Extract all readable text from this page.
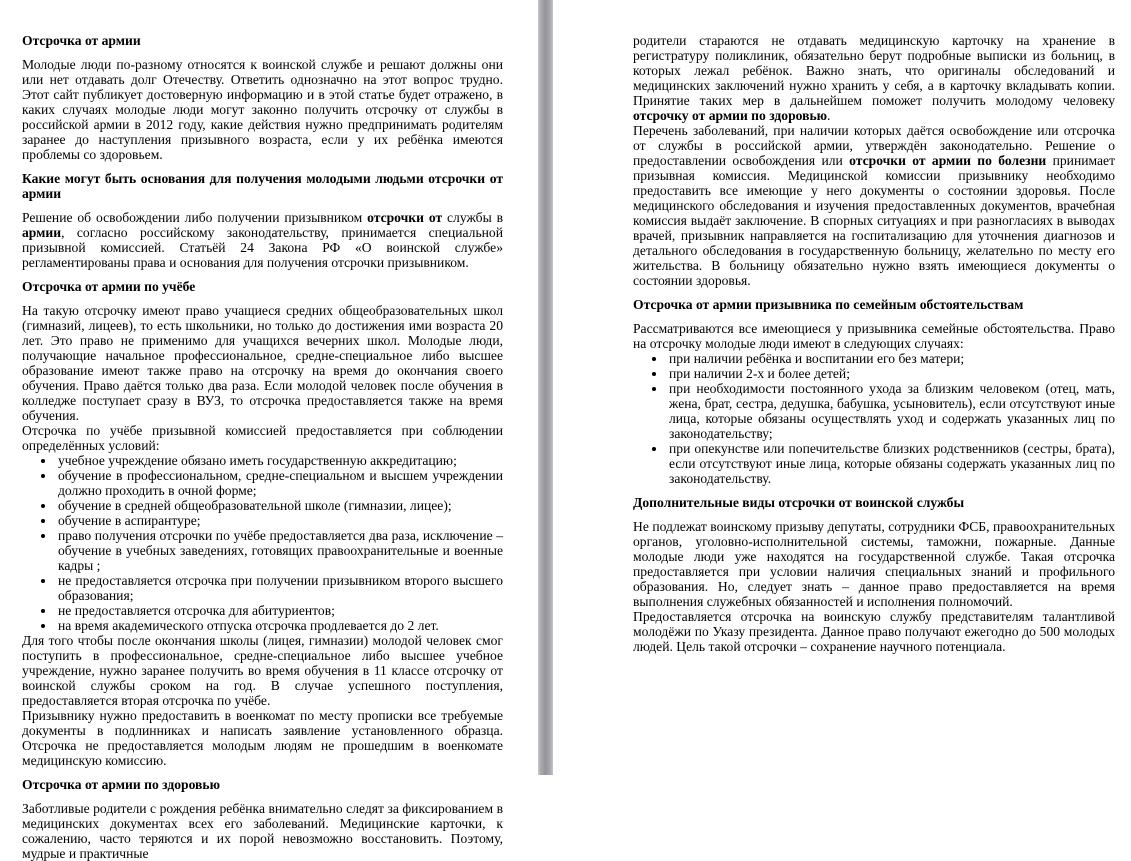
Отсрочка от армии

Молодые люди по-разному относятся к воинской службе и решают должны они или нет отдавать долг Отечеству. Ответить однозначно на этот вопрос трудно. Этот сайт публикует достоверную информацию и в этой статье будет отражено, в каких случаях молодые люди могут законно получить отсрочку от службы в российской армии в 2012 году, какие действия нужно предпринимать родителям заранее до наступления призывного возраста, если у их ребёнка имеются проблемы со здоровьем.

Какие могут быть основания для получения молодыми людьми отсрочки от армии

Решение об освобождении либо получении призывником отсрочки от службы в армии, согласно российскому законодательству, принимается специальной призывной комиссией. Статьёй 24 Закона РФ «О воинской службе» регламентированы права и основания для получения отсрочки призывником.

Отсрочка от армии по учёбе

На такую отсрочку имеют право учащиеся средних общеобразовательных школ (гимназий, лицеев), то есть школьники, но только до достижения ими возраста 20 лет. Это право не применимо для учащихся вечерних школ. Молодые люди, получающие начальное профессиональное, средне-специальное либо высшее образование имеют также право на отсрочку на время до окончания своего обучения. Право даётся только два раза. Если молодой человек после обучения в колледже поступает сразу в ВУЗ, то отсрочка предоставляется также на время обучения.

Отсрочка по учёбе призывной комиссией предоставляется при соблюдении определённых условий:

• учебное учреждение обязано иметь государственную аккредитацию;
• обучение в профессиональном, средне-специальном и высшем учреждении должно проходить в очной форме;
• обучение в средней общеобразовательной школе (гимназии, лицее);
• обучение в аспирантуре;
• право получения отсрочки по учёбе предоставляется два раза, исключение – обучение в учебных заведениях, готовящих правоохранительные и военные кадры ;
• не предоставляется отсрочка при получении призывником второго высшего образования;
• не предоставляется отсрочка для абитуриентов;
• на время академического отпуска отсрочка продлевается до 2 лет.

Для того чтобы после окончания школы (лицея, гимназии) молодой человек смог поступить в профессиональное, средне-специальное либо высшее учебное учреждение, нужно заранее получить во время обучения в 11 классе отсрочку от воинской службы сроком на год. В случае успешного поступления, предоставляется вторая отсрочка по учёбе.

Призывнику нужно предоставить в военкомат по месту прописки все требуемые документы в подлинниках и написать заявление установленного образца. Отсрочка не предоставляется молодым людям не прошедшим в военкомате медицинскую комиссию.

Отсрочка от армии по здоровью

Заботливые родители с рождения ребёнка внимательно следят за фиксированием в медицинских документах всех его заболеваний. Медицинские карточки, к сожалению, часто теряются и их порой невозможно восстановить. Поэтому, мудрые и практичные

родители стараются не отдавать медицинскую карточку на хранение в регистратуру поликлиник, обязательно берут подробные выписки из больниц, в которых лежал ребёнок. Важно знать, что оригиналы обследований и медицинских заключений нужно хранить у себя, а в карточку вкладывать копии. Принятие таких мер в дальнейшем поможет получить молодому человеку отсрочку от армии по здоровью.

Перечень заболеваний, при наличии которых даётся освобождение или отсрочка от службы в российской армии, утверждён законодательно. Решение о предоставлении освобождения или отсрочки от армии по болезни принимает призывная комиссия. Медицинской комиссии призывнику необходимо предоставить все имеющие у него документы о состоянии здоровья. После медицинского обследования и изучения предоставленных документов, врачебная комиссия выдаёт заключение. В спорных ситуациях и при разногласиях в выводах врачей, призывник направляется на госпитализацию для уточнения диагнозов и детального обследования в государственную больницу, желательно по месту его жительства. В больницу обязательно нужно взять имеющиеся документы о состоянии здоровья.

Отсрочка от армии призывника по семейным обстоятельствам

Рассматриваются все имеющиеся у призывника семейные обстоятельства. Право на отсрочку молодые люди имеют в следующих случаях:

• при наличии ребёнка и воспитании его без матери;
• при наличии 2-х и более детей;
• при необходимости постоянного ухода за близким человеком (отец, мать, жена, брат, сестра, дедушка, бабушка, усыновитель), если отсутствуют иные лица, которые обязаны осуществлять уход и содержать указанных лиц по законодательству;
• при опекунстве или попечительстве близких родственников (сестры, брата), если отсутствуют иные лица, которые обязаны содержать указанных лиц по законодательству.
Дополнительные виды отсрочки от воинской службы

Не подлежат воинскому призыву депутаты, сотрудники ФСБ, правоохранительных органов, уголовно-исполнительной системы, таможни, пожарные. Данные молодые люди уже находятся на государственной службе. Такая отсрочка предоставляется при условии наличия специальных знаний и профильного образования. Но, следует знать – данное право предоставляется на время выполнения служебных обязанностей и исполнения полномочий.

Предоставляется отсрочка на воинскую службу представителям талантливой молодёжи по Указу президента. Данное право получают ежегодно до 500 молодых людей. Цель такой отсрочки – сохранение научного потенциала.
